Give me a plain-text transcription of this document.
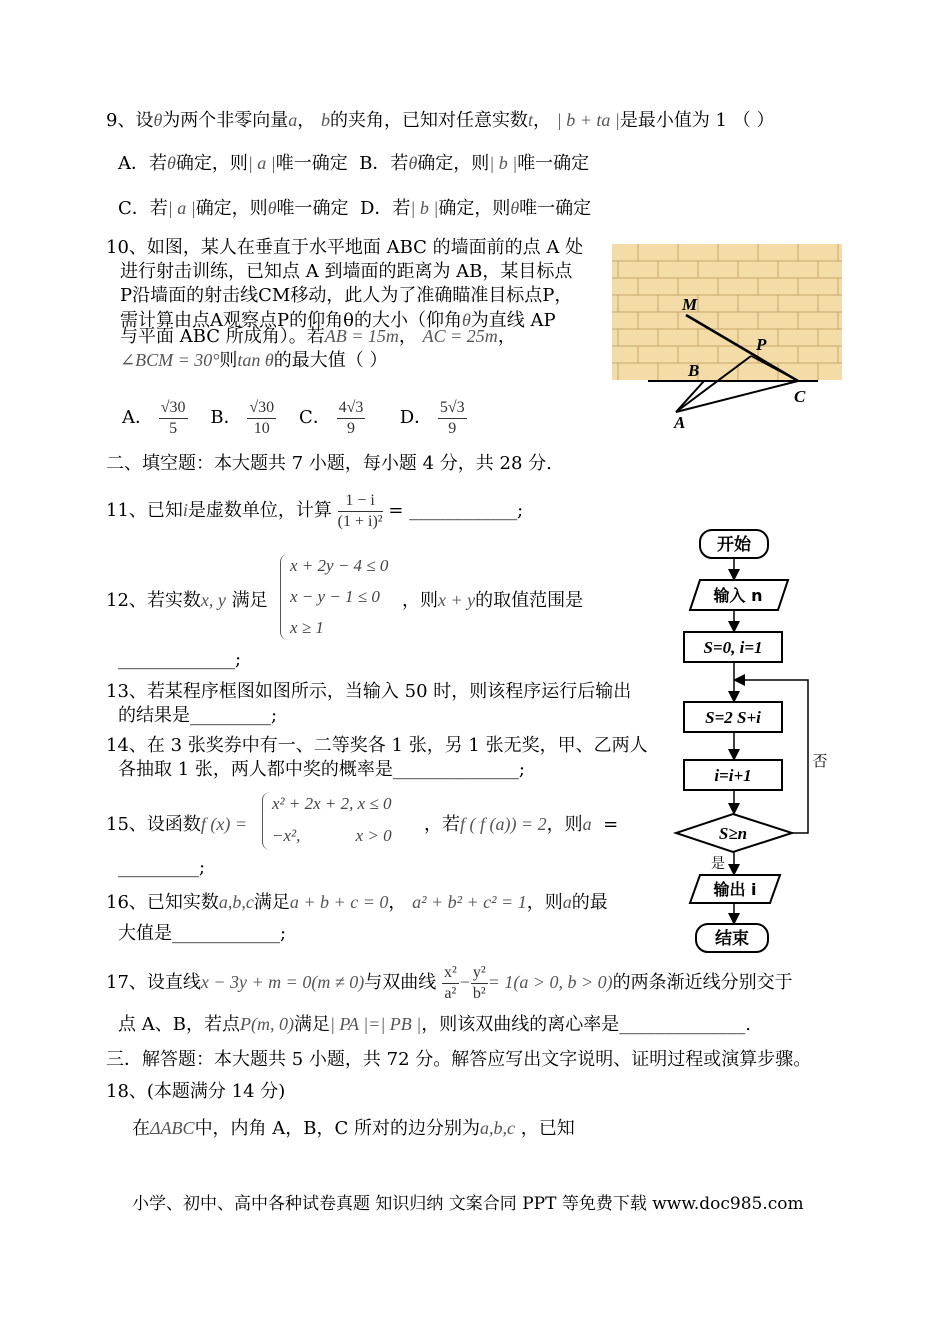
9、设θ为两个非零向量a， b的夹角，已知对任意实数t， | b + ta |是最小值为 1 （ ）
A．若θ确定，则| a |唯一确定 B．若θ确定，则| b |唯一确定
C．若| a |确定，则θ唯一确定 D．若| b |确定，则θ唯一确定
10、如图，某人在垂直于水平地面 ABC 的墙面前的点 A 处
进行射击训练，已知点 A 到墙面的距离为 AB，某目标点
P沿墙面的射击线CM移动，此人为了准确瞄准目标点P，
需计算由点A观察点P的仰角θ的大小（仰角θ为直线 AP
与平面 ABC 所成角）。若AB = 15m， AC = 25m，
∠BCM = 30°则tan θ的最大值（ ）
A． $\frac{√30}{5}$ B． $\frac{√30}{10}$ C． $\frac{4√3}{9}$ D． $\frac{5√3}{9}$
M
P
B
C
A
二、填空题：本大题共 7 小题，每小题 4 分，共 28 分.
11、已知i是虚数单位，计算 $\frac{1 - i}{\text{(1 + i)²}}$ = ____________;
12、若实数x, y 满足
x + 2y − 4 ≤ 0
x − y − 1 ≤ 0
x ≥ 1
，则x + y的取值范围是
_____________;
13、若某程序框图如图所示，当输入 50 时，则该程序运行后输出
的结果是_________;
14、在 3 张奖券中有一、二等奖各 1 张，另 1 张无奖，甲、乙两人
各抽取 1 张，两人都中奖的概率是______________;
15、设函数f (x) =
x² + 2x + 2, x ≤ 0
−x²,             x > 0
，若f ( f (a)) = 2，则a =
_________;
16、已知实数a,b,c满足a + b + c = 0， a² + b² + c² = 1，则a的最
大值是____________;
17、设直线x − 3y + m = 0(m ≠ 0)与双曲线 $\frac{\text{x²}}{\text{a²}} - \frac{\text{y²}}{\text{b²}} = 1(a > 0$, b > 0)的两条渐近线分别交于
点 A、B，若点P(m, 0)满足| PA |=| PB |，则该双曲线的离心率是______________.
三．解答题：本大题共 5 小题，共 72 分。解答应写出文字说明、证明过程或演算步骤。
18、(本题满分 14 分)
在ΔABC中，内角 A，B，C 所对的边分别为a,b,c ，已知
开始
输入 n
S=0, i=1
S=2 S+i
i=i+1
S≥n
是
否
输出 i
结束
小学、初中、高中各种试卷真题 知识归纳 文案合同 PPT 等免费下载 www.doc985.com
